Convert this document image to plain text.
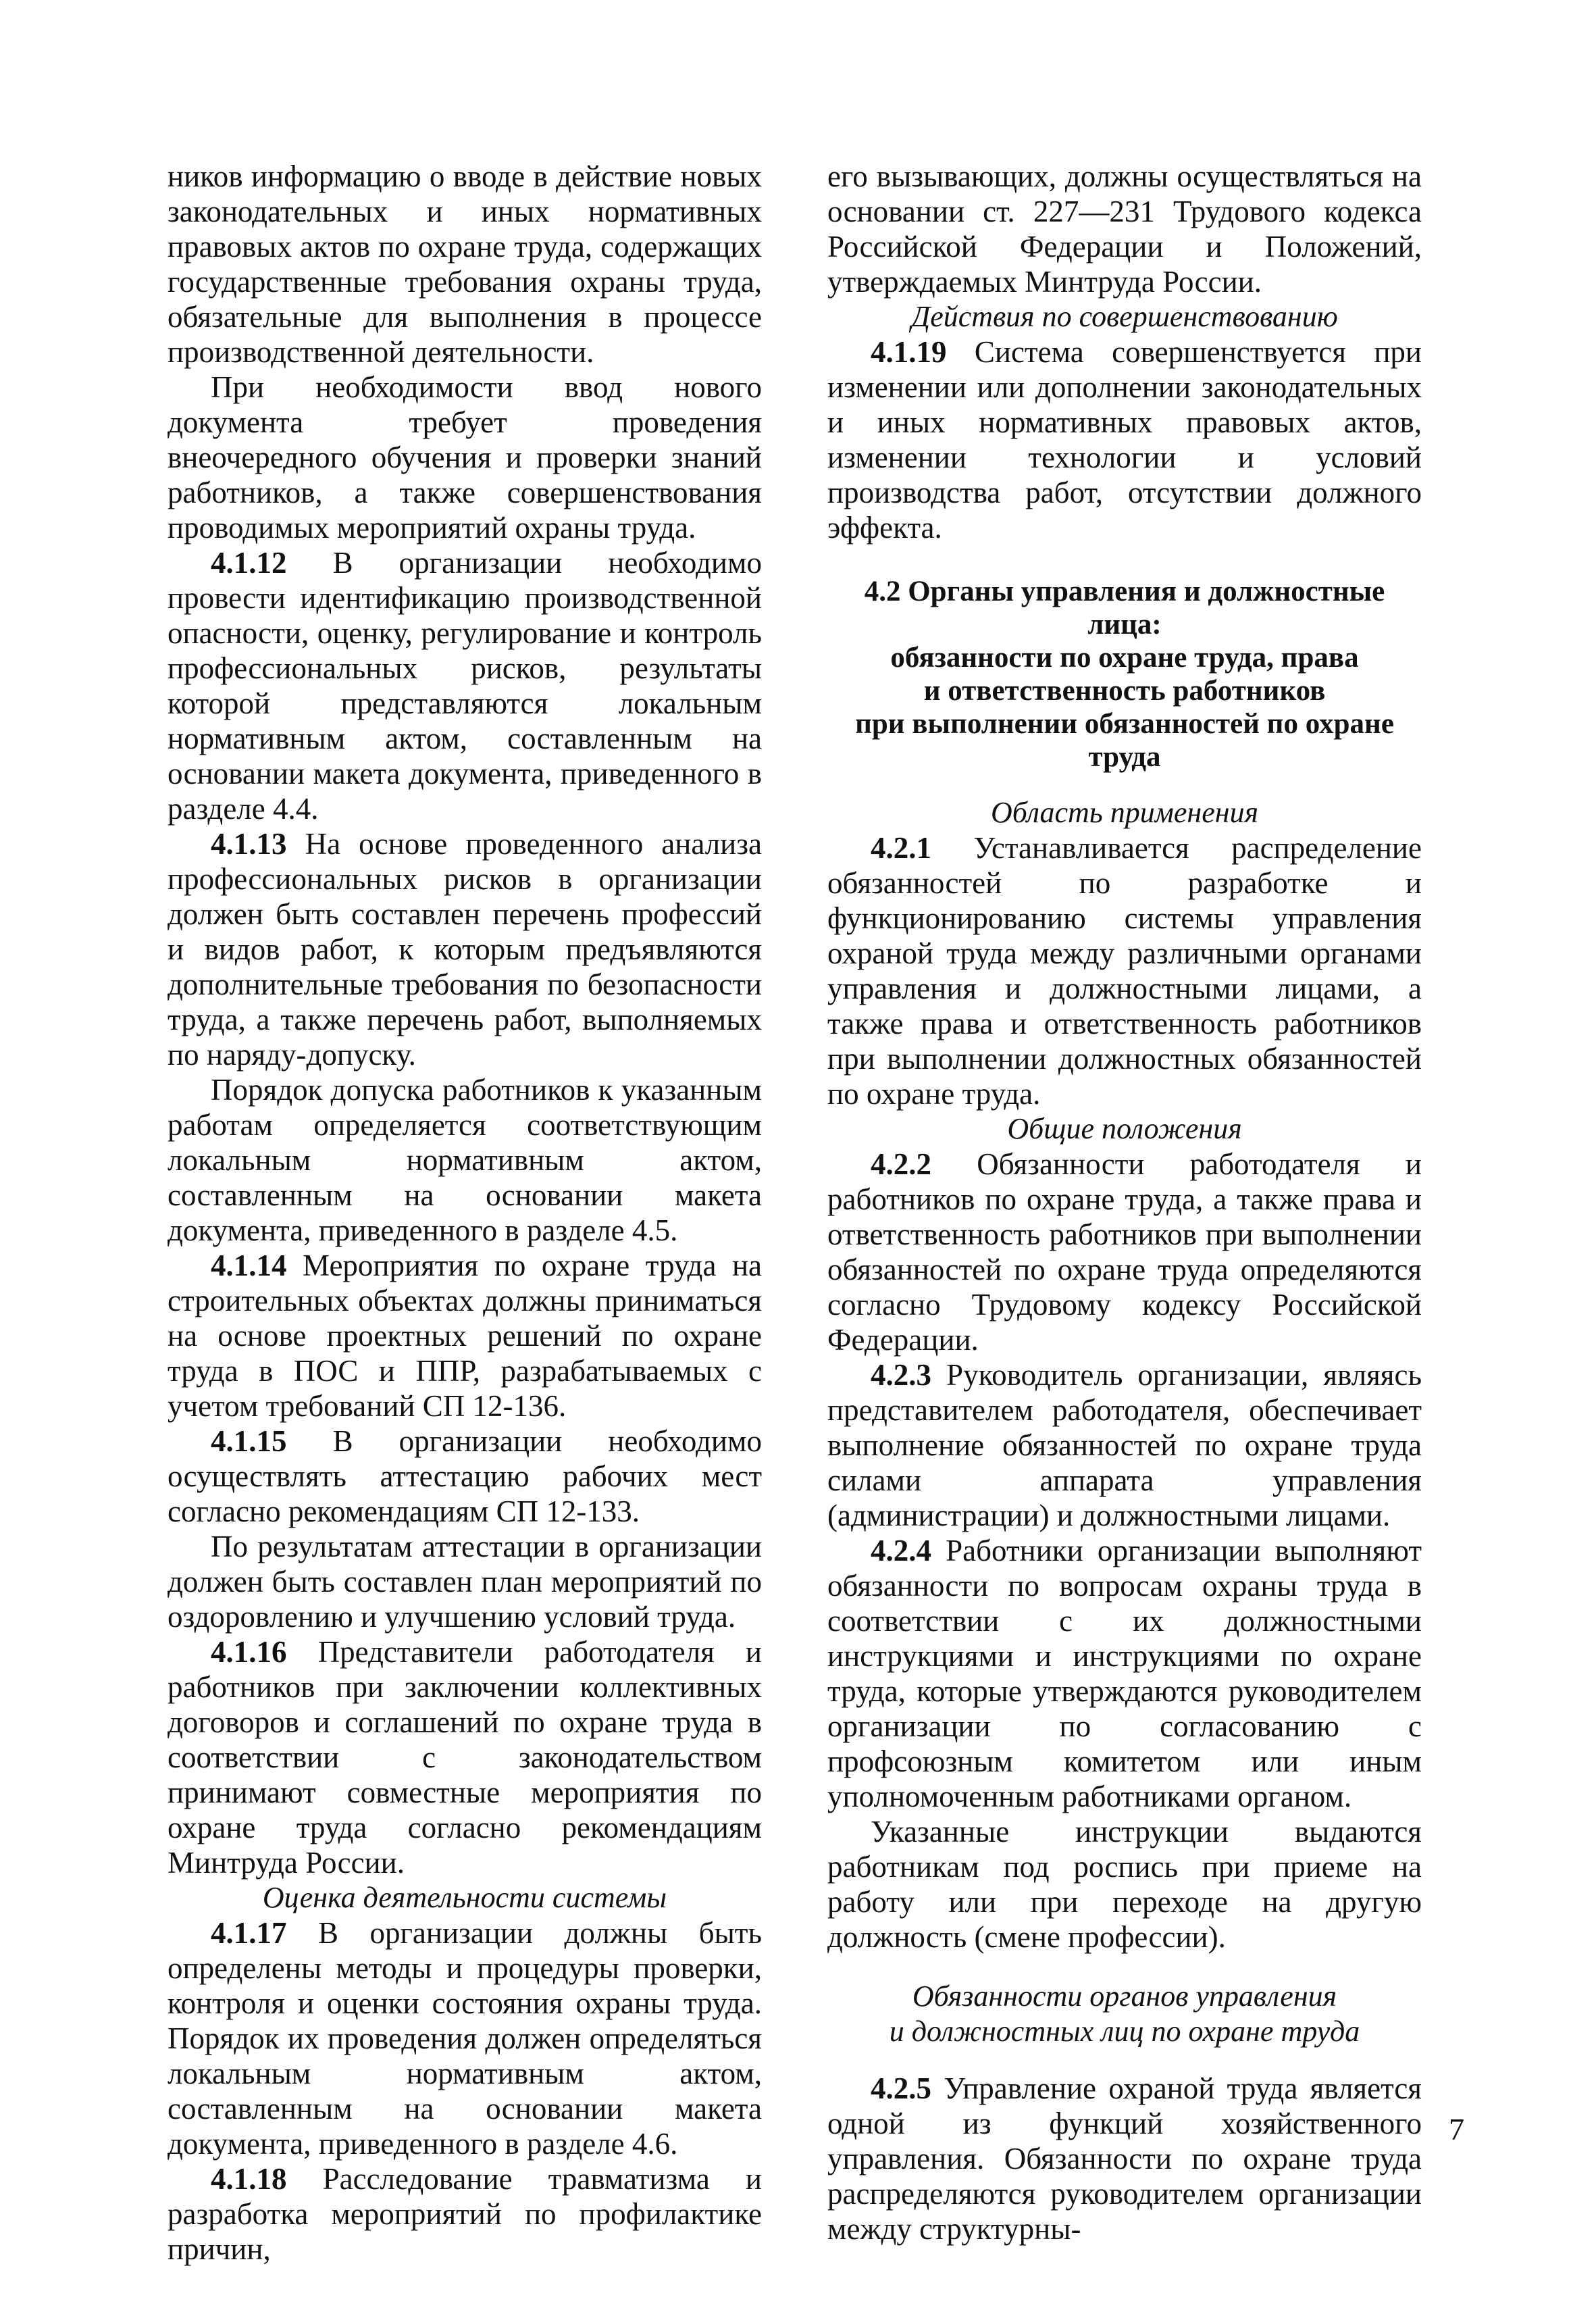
ников информацию о вводе в действие новых законодательных и иных нормативных правовых актов по охране труда, содержащих государственные требования охраны труда, обязательные для выполнения в процессе производственной деятельности.

При необходимости ввод нового документа требует проведения внеочередного обучения и проверки знаний работников, а также совершенствования проводимых мероприятий охраны труда.

4.1.12 В организации необходимо провести идентификацию производственной опасности, оценку, регулирование и контроль профессиональных рисков, результаты которой представляются локальным нормативным актом, составленным на основании макета документа, приведенного в разделе 4.4.

4.1.13 На основе проведенного анализа профессиональных рисков в организации должен быть составлен перечень профессий и видов работ, к которым предъявляются дополнительные требования по безопасности труда, а также перечень работ, выполняемых по наряду-допуску.

Порядок допуска работников к указанным работам определяется соответствующим локальным нормативным актом, составленным на основании макета документа, приведенного в разделе 4.5.

4.1.14 Мероприятия по охране труда на строительных объектах должны приниматься на основе проектных решений по охране труда в ПОС и ППР, разрабатываемых с учетом требований СП 12-136.

4.1.15 В организации необходимо осуществлять аттестацию рабочих мест согласно рекомендациям СП 12-133.

По результатам аттестации в организации должен быть составлен план мероприятий по оздоровлению и улучшению условий труда.

4.1.16 Представители работодателя и работников при заключении коллективных договоров и соглашений по охране труда в соответствии с законодательством принимают совместные мероприятия по охране труда согласно рекомендациям Минтруда России.

Оценка деятельности системы

4.1.17 В организации должны быть определены методы и процедуры проверки, контроля и оценки состояния охраны труда. Порядок их проведения должен определяться локальным нормативным актом, составленным на основании макета документа, приведенного в разделе 4.6.

4.1.18 Расследование травматизма и разработка мероприятий по профилактике причин,

его вызывающих, должны осуществляться на основании ст. 227—231 Трудового кодекса Российской Федерации и Положений, утверждаемых Минтруда России.

Действия по совершенствованию

4.1.19 Система совершенствуется при изменении или дополнении законодательных и иных нормативных правовых актов, изменении технологии и условий производства работ, отсутствии должного эффекта.

4.2 Органы управления и должностные лица:
обязанности по охране труда, права
и ответственность работников
при выполнении обязанностей по охране труда

Область применения

4.2.1 Устанавливается распределение обязанностей по разработке и функционированию системы управления охраной труда между различными органами управления и должностными лицами, а также права и ответственность работников при выполнении должностных обязанностей по охране труда.

Общие положения

4.2.2 Обязанности работодателя и работников по охране труда, а также права и ответственность работников при выполнении обязанностей по охране труда определяются согласно Трудовому кодексу Российской Федерации.

4.2.3 Руководитель организации, являясь представителем работодателя, обеспечивает выполнение обязанностей по охране труда силами аппарата управления (администрации) и должностными лицами.

4.2.4 Работники организации выполняют обязанности по вопросам охраны труда в соответствии с их должностными инструкциями и инструкциями по охране труда, которые утверждаются руководителем организации по согласованию с профсоюзным комитетом или иным уполномоченным работниками органом.

Указанные инструкции выдаются работникам под роспись при приеме на работу или при переходе на другую должность (смене професcии).

Обязанности органов управления
и должностных лиц по охране труда

4.2.5 Управление охраной труда является одной из функций хозяйственного управления. Обязанности по охране труда распределяются руководителем организации между структурны-

7
